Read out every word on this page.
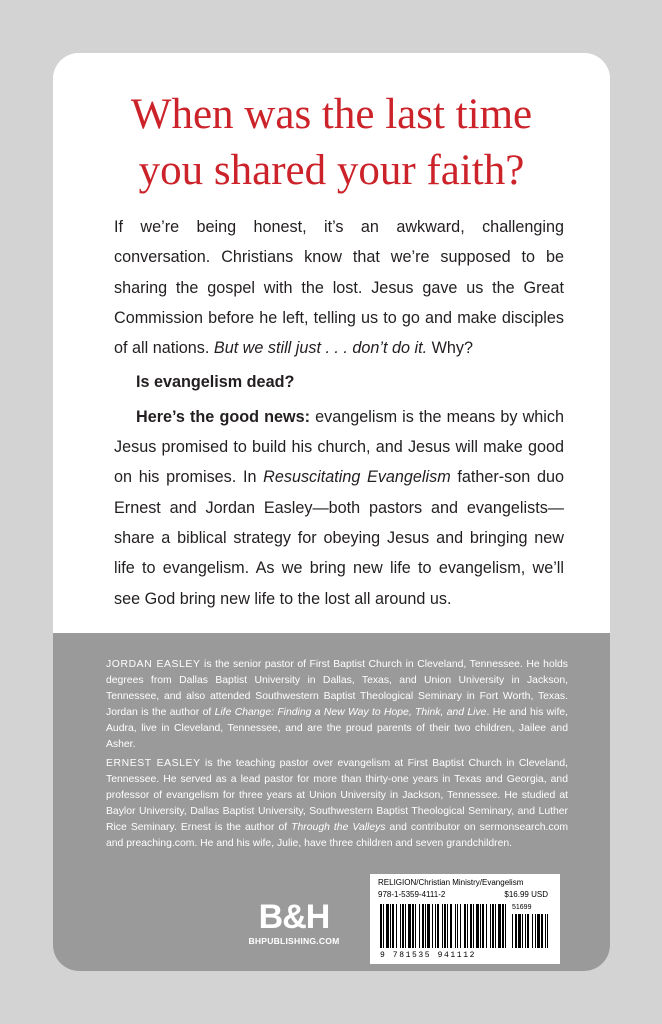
When was the last time
you shared your faith?

If we’re being honest, it’s an awkward, challenging conversation. Christians know that we’re supposed to be sharing the gospel with the lost. Jesus gave us the Great Commission before he left, telling us to go and make disciples of all nations. But we still just . . . don’t do it. Why?

Is evangelism dead?

Here’s the good news: evangelism is the means by which Jesus promised to build his church, and Jesus will make good on his promises. In Resuscitating Evangelism father-son duo Ernest and Jordan Easley—both pastors and evangelists—share a biblical strategy for obeying Jesus and bringing new life to evangelism. As we bring new life to evangelism, we’ll see God bring new life to the lost all around us.

JORDAN EASLEY is the senior pastor of First Baptist Church in Cleveland, Tennessee. He holds degrees from Dallas Baptist University in Dallas, Texas, and Union University in Jackson, Tennessee, and also attended Southwestern Baptist Theological Seminary in Fort Worth, Texas. Jordan is the author of Life Change: Finding a New Way to Hope, Think, and Live. He and his wife, Audra, live in Cleveland, Tennessee, and are the proud parents of their two children, Jailee and Asher.

ERNEST EASLEY is the teaching pastor over evangelism at First Baptist Church in Cleveland, Tennessee. He served as a lead pastor for more than thirty-one years in Texas and Georgia, and professor of evangelism for three years at Union University in Jackson, Tennessee. He studied at Baylor University, Dallas Baptist University, Southwestern Baptist Theological Seminary, and Luther Rice Seminary. Ernest is the author of Through the Valleys and contributor on sermonsearch.com and preaching.com. He and his wife, Julie, have three children and seven grandchildren.

B&H
BHPUBLISHING.COM
RELIGION/Christian Ministry/Evangelism
978-1-5359-4111-2	$16.99 USD
51699
9 781535 941112
